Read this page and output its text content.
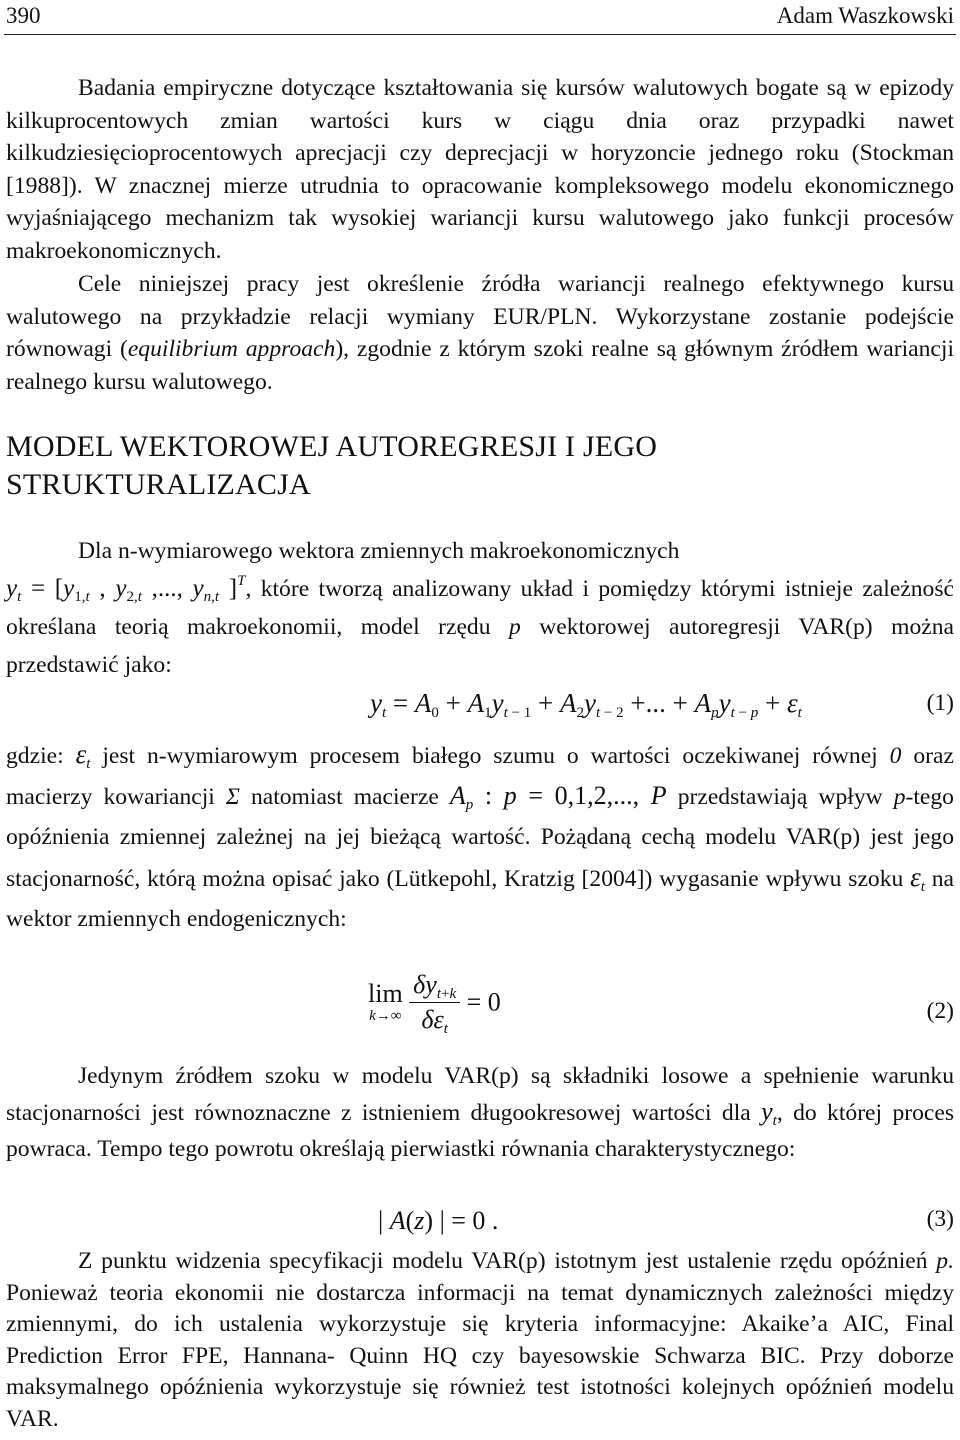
390	Adam Waszkowski

Badania empiryczne dotyczące kształtowania się kursów walutowych bogate są w epizody kilkuprocentowych zmian wartości kurs w ciągu dnia oraz przypadki nawet kilkudziesięcioprocentowych aprecjacji czy deprecjacji w horyzoncie jednego roku (Stockman [1988]). W znacznej mierze utrudnia to opracowanie kompleksowego modelu ekonomicznego wyjaśniającego mechanizm tak wysokiej wariancji kursu walutowego jako funkcji procesów makroekonomicznych.

Cele niniejszej pracy jest określenie źródła wariancji realnego efektywnego kursu walutowego na przykładzie relacji wymiany EUR/PLN. Wykorzystane zostanie podejście równowagi (equilibrium approach), zgodnie z którym szoki realne są głównym źródłem wariancji realnego kursu walutowego.

MODEL WEKTOROWEJ AUTOREGRESJI I JEGO STRUKTURALIZACJA

Dla n-wymiarowego wektora zmiennych makroekonomicznych
$y_t = [y_{1,t}$ , $y_{2,t}$ ,..., $y_{n,t}$ ]$^T$, które tworzą analizowany układ i pomiędzy którymi istnieje zależność określana teorią makroekonomii, model rzędu p wektorowej autoregresji VAR(p) można przedstawić jako:

$y_t = A_0 + A_1y_{t - 1} + A_2y_{t - 2}$ +... + $A_py_{t - p} + \varepsilon_t$	(1)

gdzie: $\varepsilon_t$ jest n-wymiarowym procesem białego szumu o wartości oczekiwanej równej 0 oraz macierzy kowariancji Σ natomiast macierze $A_p$ : p = 0,1,2,..., P przedstawiają wpływ p-tego opóźnienia zmiennej zależnej na jej bieżącą wartość. Pożądaną cechą modelu VAR(p) jest jego stacjonarność, którą można opisać jako (Lütkepohl, Kratzig [2004]) wygasanie wpływu szoku $\varepsilon_t$ na wektor zmiennych endogenicznych:

lim
k→∞
$\frac{\delta y_{t+k}}{\delta\varepsilon_t} = 0$	(2)

Jedynym źródłem szoku w modelu VAR(p) są składniki losowe a spełnienie warunku stacjonarności jest równoznaczne z istnieniem długookresowej wartości dla $y_t$, do której proces powraca. Tempo tego powrotu określają pierwiastki równania charakterystycznego:

| A(z) | = 0 .	(3)

Z punktu widzenia specyfikacji modelu VAR(p) istotnym jest ustalenie rzędu opóźnień p. Ponieważ teoria ekonomii nie dostarcza informacji na temat dynamicznych zależności między zmiennymi, do ich ustalenia wykorzystuje się kryteria informacyjne: Akaike’a AIC, Final Prediction Error FPE, Hannana- Quinn HQ czy bayesowskie Schwarza BIC. Przy doborze maksymalnego opóźnienia wykorzystuje się również test istotności kolejnych opóźnień modelu VAR.
